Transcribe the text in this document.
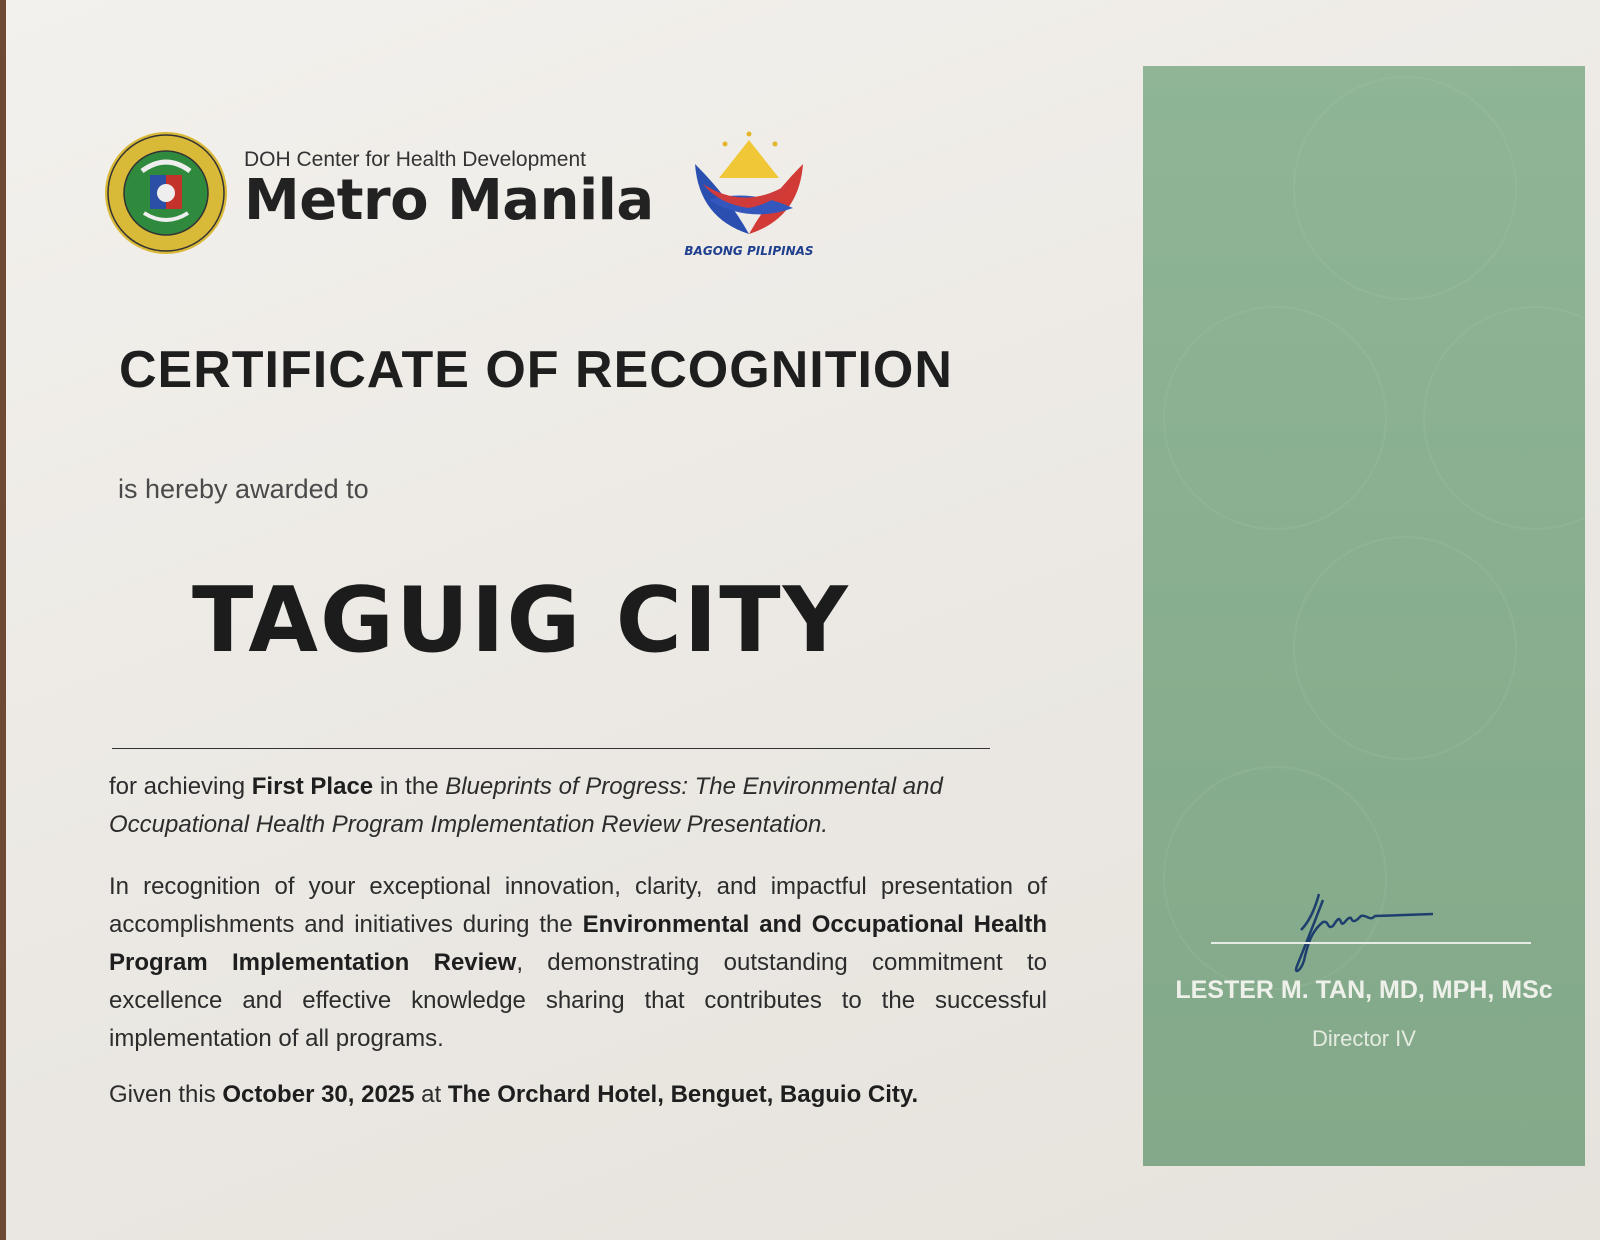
DOH Center for Health Development
Metro Manila
BAGONG PILIPINAS
CERTIFICATE OF RECOGNITION
is hereby awarded to
TAGUIG CITY
for achieving First Place in the Blueprints of Progress: The Environmental and Occupational Health Program Implementation Review Presentation.
In recognition of your exceptional innovation, clarity, and impactful presentation of accomplishments and initiatives during the Environmental and Occupational Health Program Implementation Review, demonstrating outstanding commitment to excellence and effective knowledge sharing that contributes to the successful implementation of all programs.
Given this October 30, 2025 at The Orchard Hotel, Benguet, Baguio City.
LESTER M. TAN, MD, MPH, MSc
Director IV
